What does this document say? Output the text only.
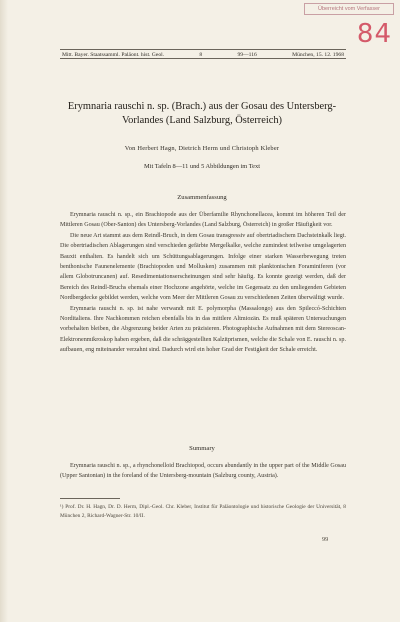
Überreicht vom Verfasser
84
Mitt. Bayer. Staatssamml. Paläont. hist. Geol.	8	99—116	München, 15. 12. 1968
Erymnaria rauschi n. sp. (Brach.) aus der Gosau des Untersberg-Vorlandes (Land Salzburg, Österreich)
Von Herbert Hagn, Dietrich Herm und Christoph Kleber
Mit Tafeln 8—11 und 5 Abbildungen im Text
Zusammenfassung

Erymnaria rauschi n. sp., ein Brachiopode aus der Überfamilie Rhynchonellacea, kommt im höheren Teil der Mittleren Gosau (Ober-Santon) des Untersberg-Vorlandes (Land Salzburg, Österreich) in großer Häufigkeit vor.

Die neue Art stammt aus dem Reindl-Bruch, in dem Gosau transgressiv auf obertriadischem Dachsteinkalk liegt. Die obertriadischen Ablagerungen sind verschieden gefärbte Mergelkalke, welche zumindest teilweise umgelagerten Bauxit enthalten. Es handelt sich um Schüttungsablagerungen. Infolge einer starken Wasserbewegung treten benthonische Faunenelemente (Brachiopoden und Mollusken) zusammen mit planktonischen Foraminiferen (vor allem Globotruncanen) auf. Resedimentationserscheinungen sind sehr häufig. Es konnte gezeigt werden, daß der Bereich des Reindl-Bruchs ehemals einer Hochzone angehörte, welche im Gegensatz zu den umliegenden Gebieten Nordbergdecke gebildet werden, welche vom Meer der Mittleren Gosau zu verschiedenen Zeiten überwältigt wurde.

Erymnaria rauschi n. sp. ist nahe verwandt mit E. polymorpha (Massalongo) aus den Spileccó-Schichten Norditaliens. Ihre Nachkommen reichen ebenfalls bis in das mittlere Altmiozän. Es muß späteren Untersuchungen vorbehalten bleiben, die Abgrenzung beider Arten zu präzisieren. Photographische Aufnahmen mit dem Stereoscan-Elektronenmikroskop haben ergeben, daß die schräggestellten Kalzitprismen, welche die Schale von E. rauschi n. sp. aufbauen, eng miteinander verzahnt sind. Dadurch wird ein hoher Grad der Festigkeit der Schale erreicht.

Summary

Erymnaria rauschi n. sp., a rhynchonelloid Brachiopod, occurs abundantly in the upper part of the Middle Gosau (Upper Santonian) in the foreland of the Untersberg-mountain (Salzburg county, Austria).

¹) Prof. Dr. H. Hagn, Dr. D. Herm, Dipl.-Geol. Chr. Kleber, Institut für Paläontologie und historische Geologie der Universität, 8 München 2, Richard-Wagner-Str. 10/II.
99
